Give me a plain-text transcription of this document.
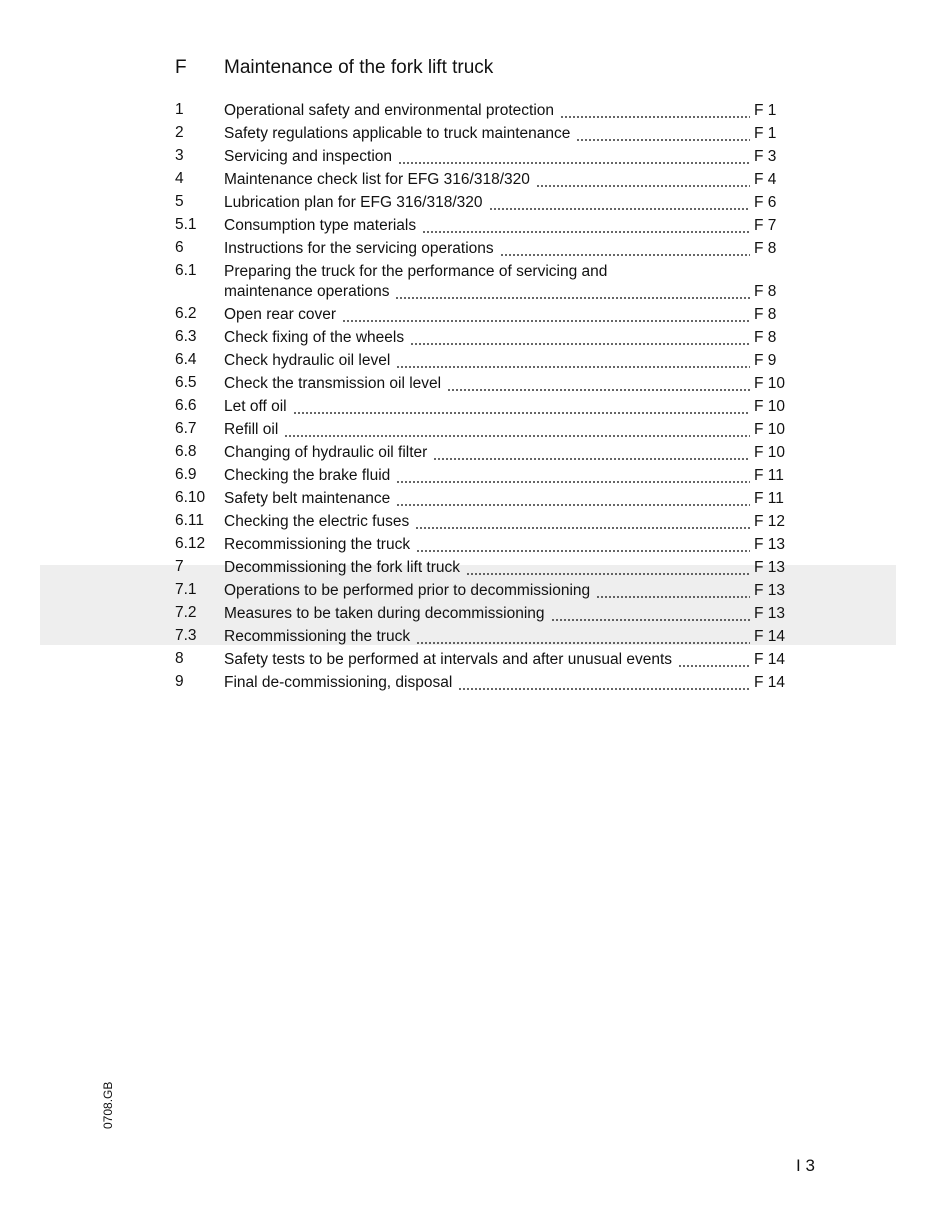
F	Maintenance of the fork lift truck
1	Operational safety and environmental protection	F 1
2	Safety regulations applicable to truck maintenance	F 1
3	Servicing and inspection	F 3
4	Maintenance check list for EFG 316/318/320	F 4
5	Lubrication plan for EFG 316/318/320	F 6
5.1	Consumption type materials	F 7
6	Instructions for the servicing operations	F 8
6.1	Preparing the truck for the performance of servicing and
maintenance operations	F 8
6.2	Open rear cover	F 8
6.3	Check fixing of the wheels	F 8
6.4	Check hydraulic oil level	F 9
6.5	Check the transmission oil level	F 10
6.6	Let off oil	F 10
6.7	Refill oil	F 10
6.8	Changing of hydraulic oil filter	F 10
6.9	Checking the brake fluid	F 11
6.10	Safety belt maintenance	F 11
6.11	Checking the electric fuses	F 12
6.12	Recommissioning the truck	F 13
7	Decommissioning the fork lift truck	F 13
7.1	Operations to be performed prior to decommissioning	F 13
7.2	Measures to be taken during decommissioning	F 13
7.3	Recommissioning the truck	F 14
8	Safety tests to be performed at intervals and after unusual events	F 14
9	Final de-commissioning, disposal	F 14
0708.GB
I 3
